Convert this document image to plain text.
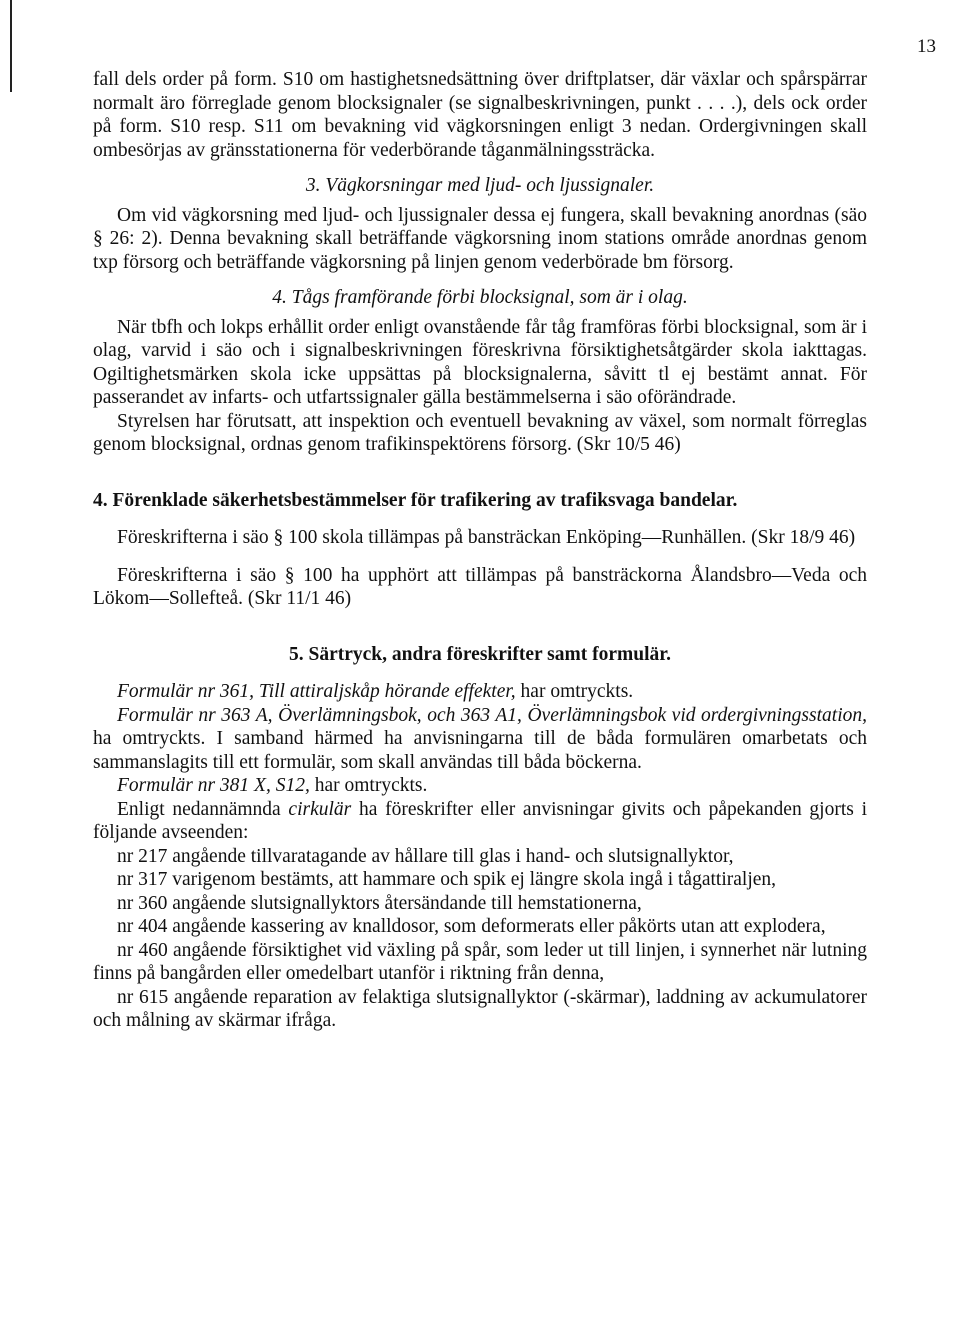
13

fall dels order på form. S10 om hastighetsnedsättning över driftplatser, där växlar och spårspärrar normalt äro förreglade genom blocksignaler (se signalbeskrivningen, punkt . . . .), dels ock order på form. S10 resp. S11 om bevakning vid vägkorsningen enligt 3 nedan. Ordergivningen skall ombesörjas av gränsstationerna för vederbörande tåganmälningssträcka.

3. Vägkorsningar med ljud- och ljussignaler.

Om vid vägkorsning med ljud- och ljussignaler dessa ej fungera, skall bevakning anordnas (säo § 26: 2). Denna bevakning skall beträffande vägkorsning inom stations område anordnas genom txp försorg och beträffande vägkorsning på linjen genom vederbörade bm försorg.

4. Tågs framförande förbi blocksignal, som är i olag.

När tbfh och lokps erhållit order enligt ovanstående får tåg framföras förbi blocksignal, som är i olag, varvid i säo och i signalbeskrivningen föreskrivna försiktighetsåtgärder skola iakttagas. Ogiltighetsmärken skola icke uppsättas på blocksignalerna, såvitt tl ej bestämt annat. För passerandet av infarts- och utfartssignaler gälla bestämmelserna i säo oförändrade.

Styrelsen har förutsatt, att inspektion och eventuell bevakning av växel, som normalt förreglas genom blocksignal, ordnas genom trafikinspektörens försorg. (Skr 10/5 46)

4. Förenklade säkerhetsbestämmelser för trafikering av trafiksvaga bandelar.

Föreskrifterna i säo § 100 skola tillämpas på bansträckan Enköping—Runhällen. (Skr 18/9 46)

Föreskrifterna i säo § 100 ha upphört att tillämpas på bansträckorna Ålandsbro—Veda och Lökom—Sollefteå. (Skr 11/1 46)

5. Särtryck, andra föreskrifter samt formulär.

Formulär nr 361, Till attiraljskåp hörande effekter, har omtryckts.

Formulär nr 363 A, Överlämningsbok, och 363 A1, Överlämningsbok vid ordergivningsstation, ha omtryckts. I samband härmed ha anvisningarna till de båda formulären omarbetats och sammanslagits till ett formulär, som skall användas till båda böckerna.

Formulär nr 381 X, S12, har omtryckts.

Enligt nedannämnda cirkulär ha föreskrifter eller anvisningar givits och påpekanden gjorts i följande avseenden:

nr 217 angående tillvaratagande av hållare till glas i hand- och slutsignallyktor,

nr 317 varigenom bestämts, att hammare och spik ej längre skola ingå i tågattiraljen,

nr 360 angående slutsignallyktors återsändande till hemstationerna,

nr 404 angående kassering av knalldosor, som deformerats eller påkörts utan att explodera,

nr 460 angående försiktighet vid växling på spår, som leder ut till linjen, i synnerhet när lutning finns på bangården eller omedelbart utanför i riktning från denna,

nr 615 angående reparation av felaktiga slutsignallyktor (-skärmar), laddning av ackumulatorer och målning av skärmar ifråga.
